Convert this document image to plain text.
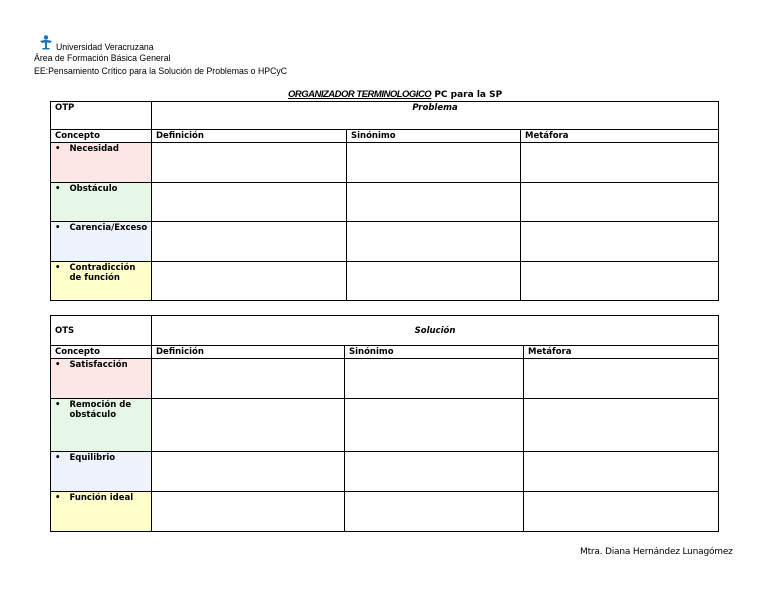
Universidad Veracruzana
Área de Formación Básica General
EE:Pensamiento Crítico para la Solución de Problemas o HPCyC
ORGANIZADOR TERMINOLOGICO PC para la SP
OTP	Problema		
Concepto	Definición	Sinónimo	Metáfora

• Necesidad			

• Obstáculo			

• Carencia/Exceso			

• Contradicción de función			

OTS	Solución		
Concepto	Definición	Sinónimo	Metáfora

• Satisfacción			

• Remoción de obstáculo			

• Equilibrio			

• Función ideal			

Mtra. Diana Hernández Lunagómez
